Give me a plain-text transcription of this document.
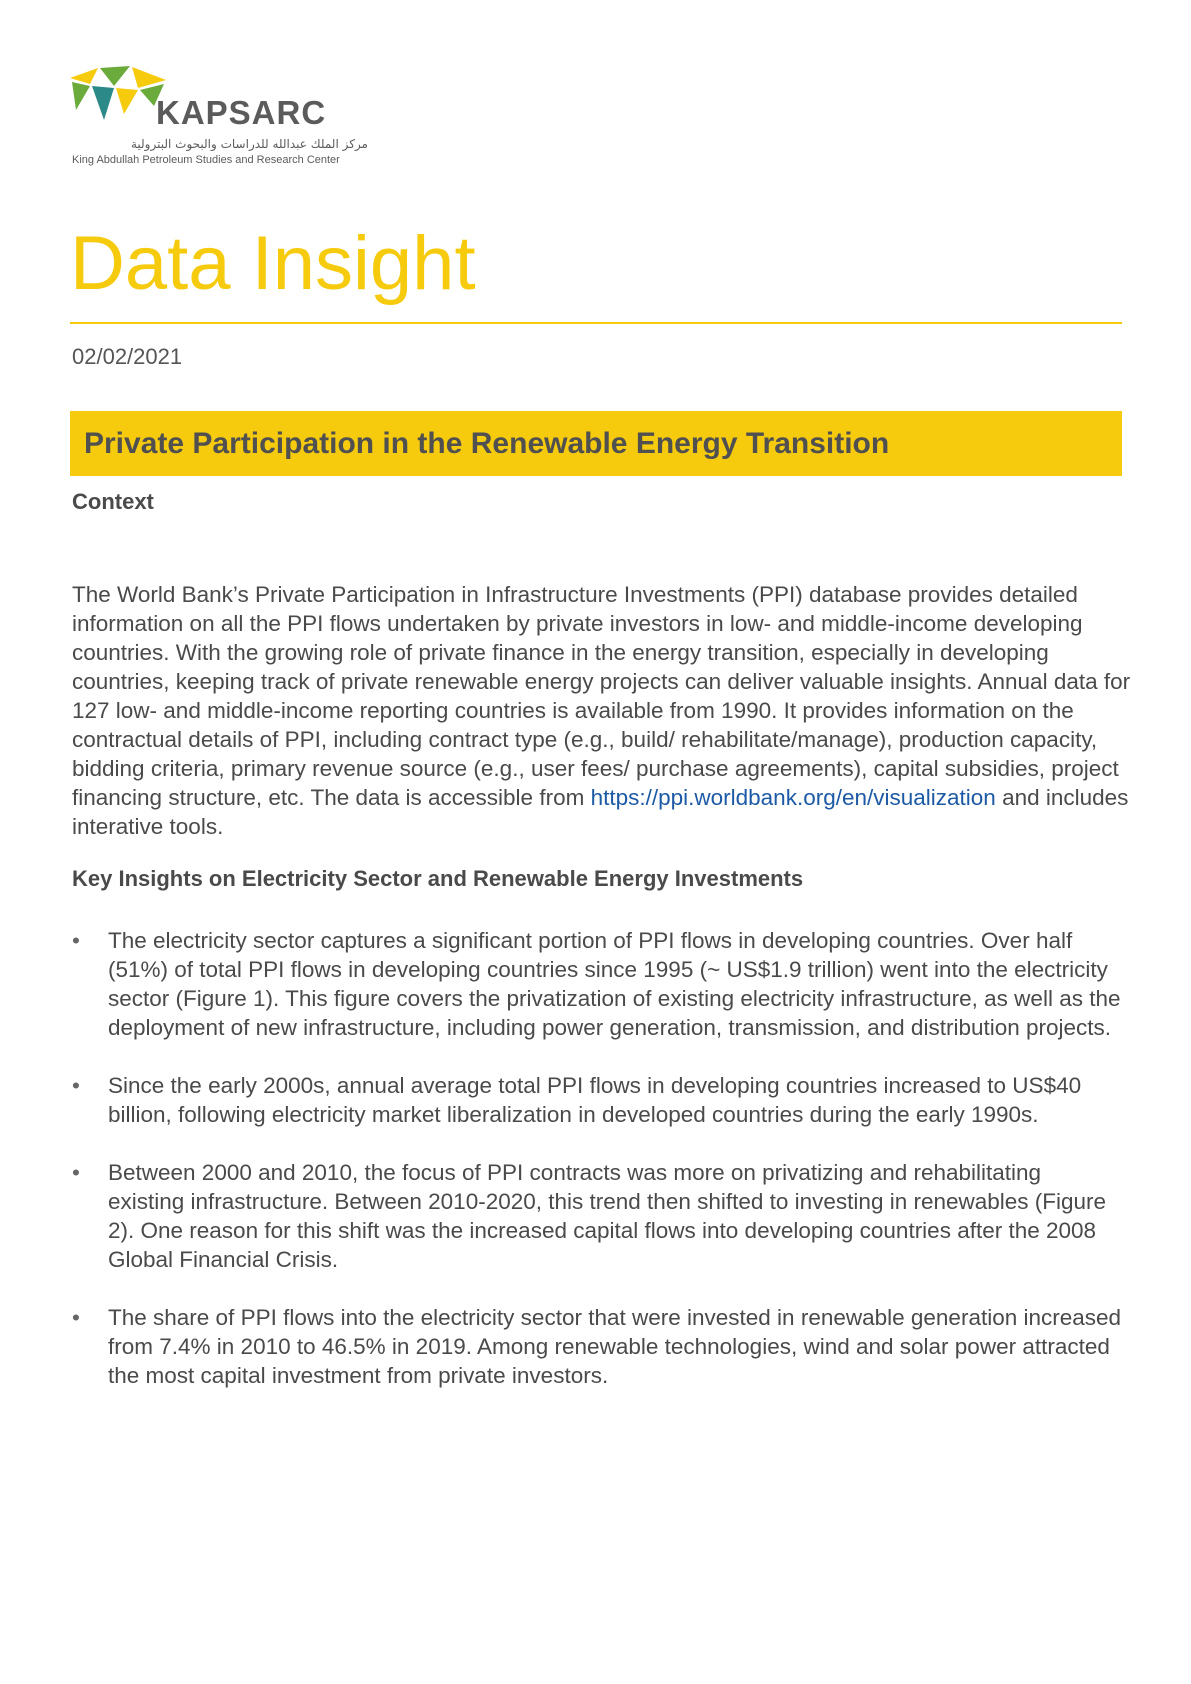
KAPSARC
مركز الملك عبدالله للدراسات والبحوث البترولية
King Abdullah Petroleum Studies and Research Center
Data Insight
02/02/2021
Private Participation in the Renewable Energy Transition
Context

The World Bank’s Private Participation in Infrastructure Investments (PPI) database provides detailed information on all the PPI flows undertaken by private investors in low- and middle-income developing countries. With the growing role of private finance in the energy transition, especially in developing countries, keeping track of private renewable energy projects can deliver valuable insights. Annual data for 127 low- and middle-income reporting countries is available from 1990. It provides information on the contractual details of PPI, including contract type (e.g., build/ rehabilitate/manage), production capacity, bidding criteria, primary revenue source (e.g., user fees/ purchase agreements), capital subsidies, project financing structure, etc. The data is accessible from https://ppi.worldbank.org/en/visualization and includes interative tools.

Key Insights on Electricity Sector and Renewable Energy Investments
•	The electricity sector captures a significant portion of PPI flows in developing countries. Over half (51%) of total PPI flows in developing countries since 1995 (~ US$1.9 trillion) went into the electricity sector (Figure 1). This figure covers the privatization of existing electricity infrastructure, as well as the deployment of new infrastructure, including power generation, transmission, and distribution projects.
•	Since the early 2000s, annual average total PPI flows in developing countries increased to US$40 billion, following electricity market liberalization in developed countries during the early 1990s.
•	Between 2000 and 2010, the focus of PPI contracts was more on privatizing and rehabilitating existing infrastructure. Between 2010-2020, this trend then shifted to investing in renewables (Figure 2). One reason for this shift was the increased capital flows into developing countries after the 2008 Global Financial Crisis.
•	The share of PPI flows into the electricity sector that were invested in renewable generation increased from 7.4% in 2010 to 46.5% in 2019. Among renewable technologies, wind and solar power attracted the most capital investment from private investors.
